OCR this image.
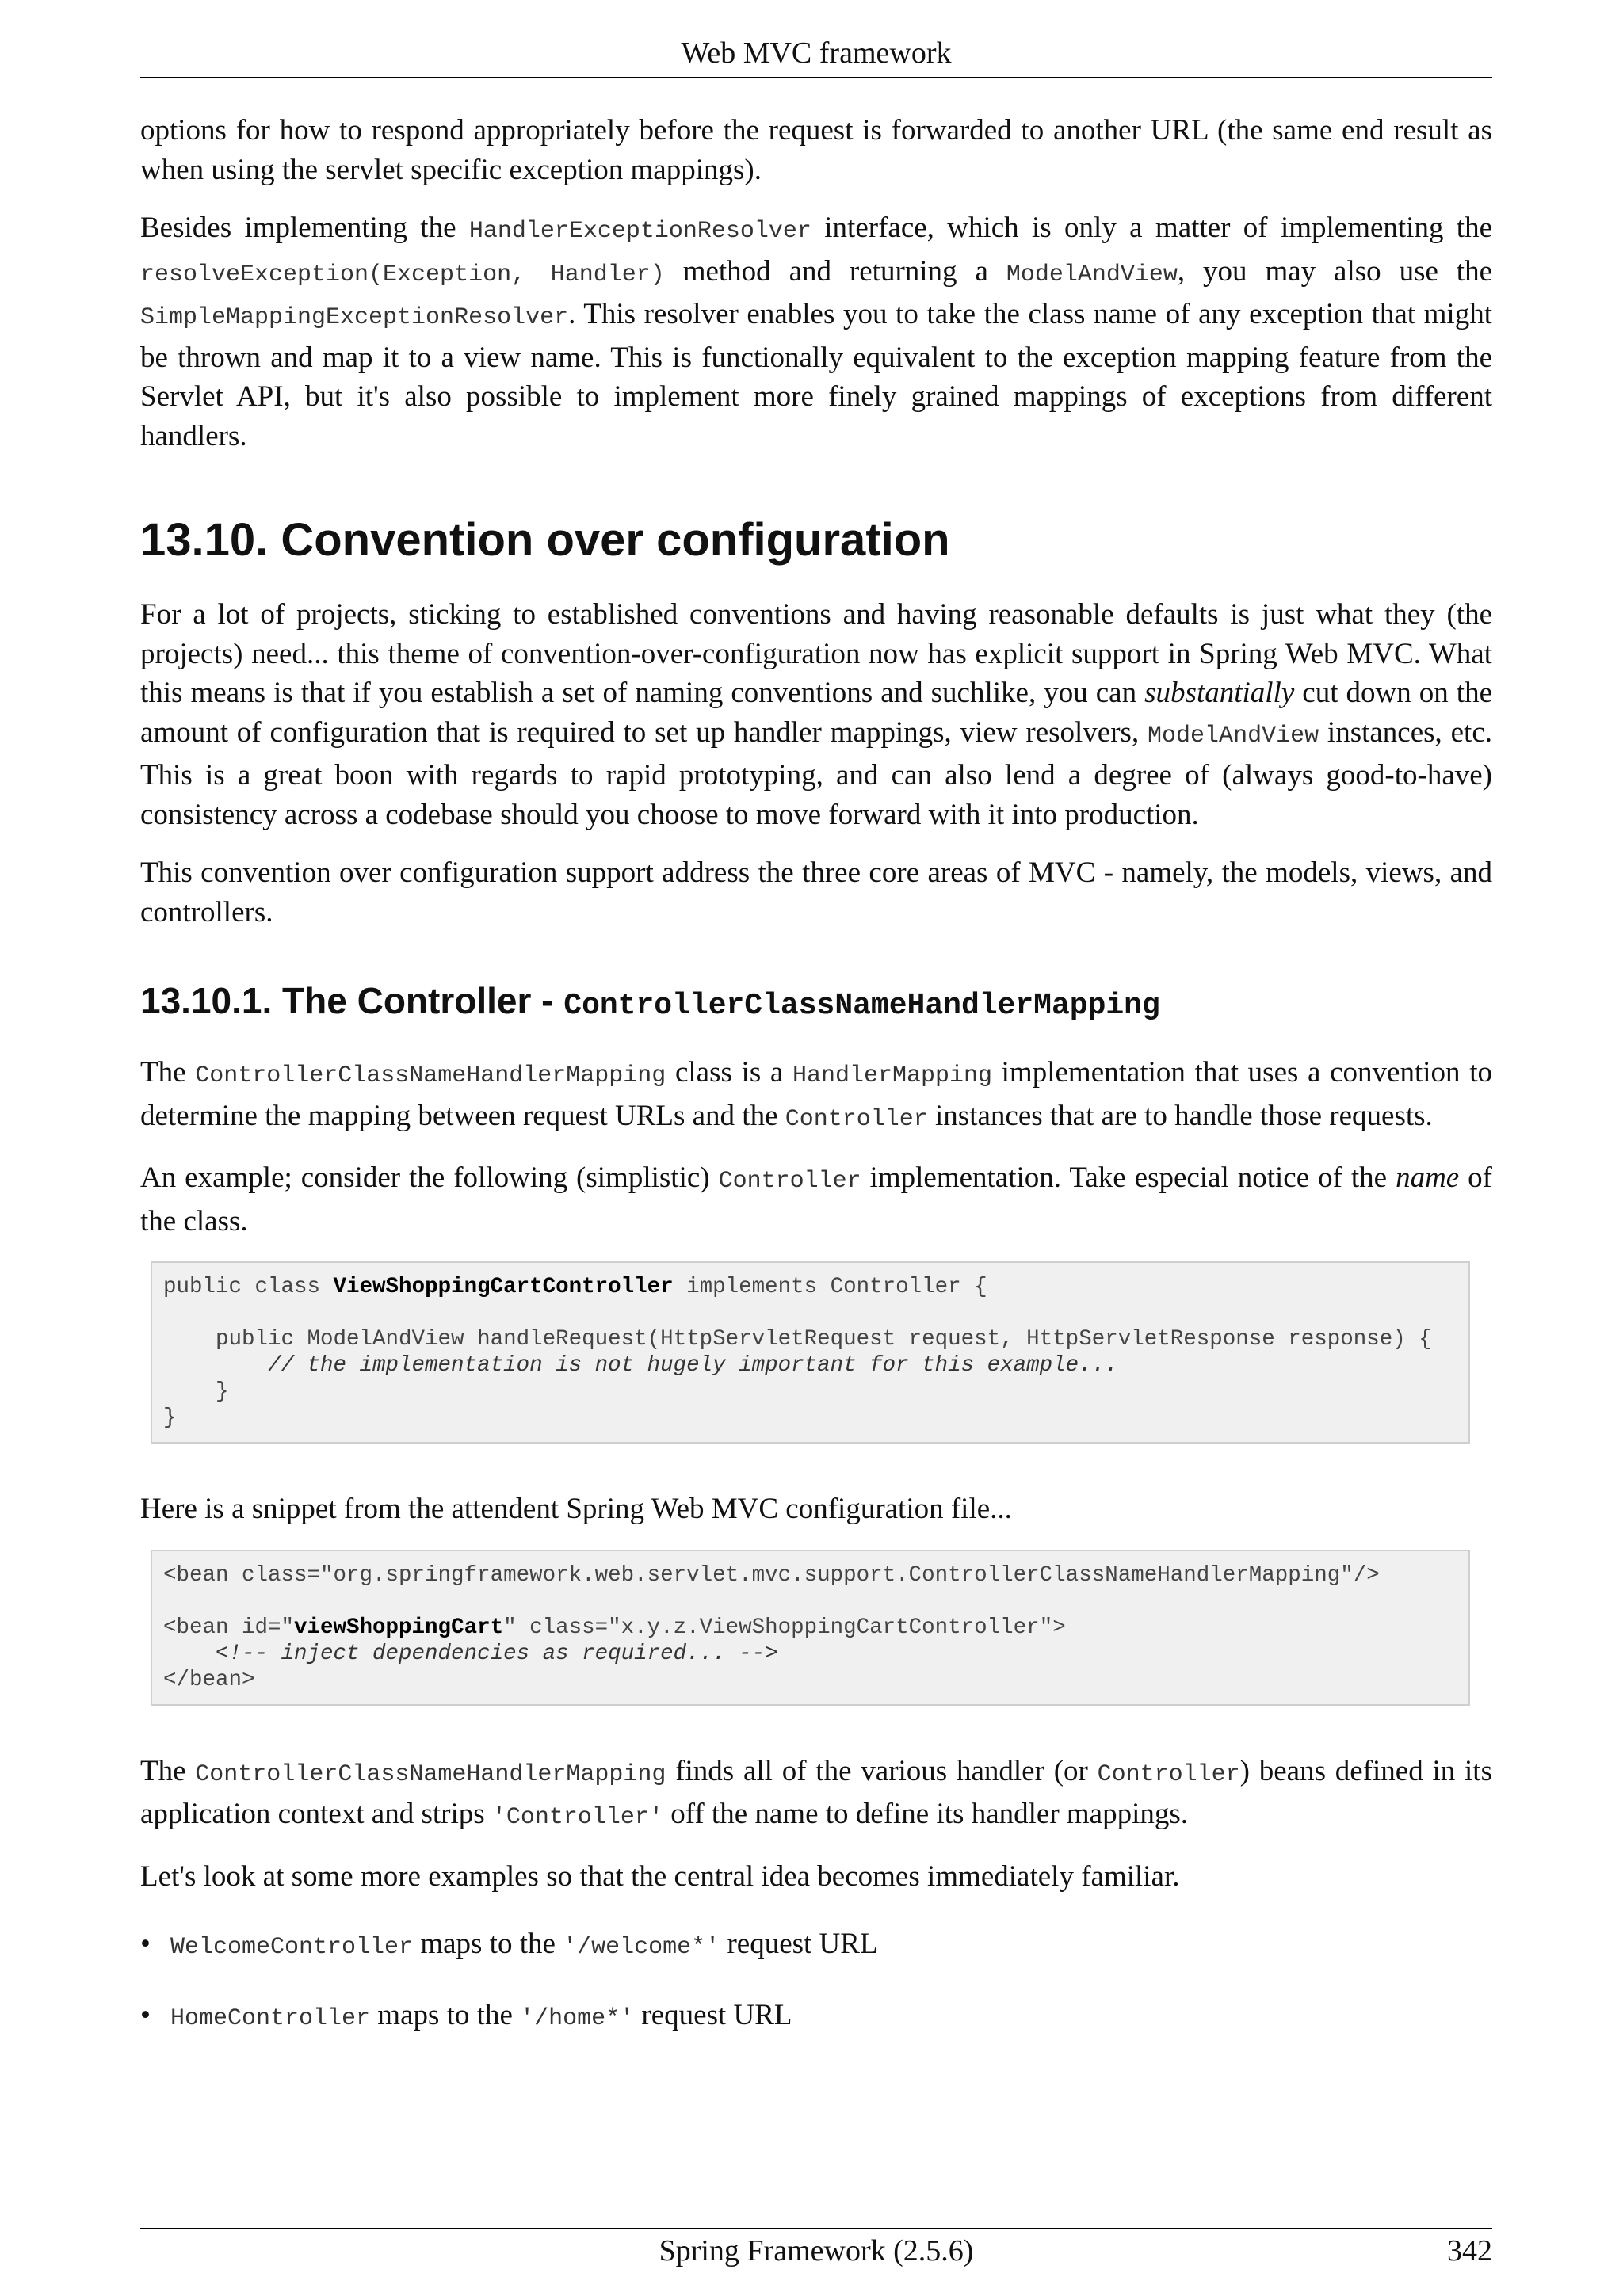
Web MVC framework

options for how to respond appropriately before the request is forwarded to another URL (the same end result as when using the servlet specific exception mappings).

Besides implementing the HandlerExceptionResolver interface, which is only a matter of implementing the resolveException(Exception, Handler) method and returning a ModelAndView, you may also use the SimpleMappingExceptionResolver. This resolver enables you to take the class name of any exception that might be thrown and map it to a view name. This is functionally equivalent to the exception mapping feature from the Servlet API, but it's also possible to implement more finely grained mappings of exceptions from different handlers.

13.10. Convention over configuration

For a lot of projects, sticking to established conventions and having reasonable defaults is just what they (the projects) need... this theme of convention-over-configuration now has explicit support in Spring Web MVC. What this means is that if you establish a set of naming conventions and suchlike, you can substantially cut down on the amount of configuration that is required to set up handler mappings, view resolvers, ModelAndView instances, etc. This is a great boon with regards to rapid prototyping, and can also lend a degree of (always good-to-have) consistency across a codebase should you choose to move forward with it into production.

This convention over configuration support address the three core areas of MVC - namely, the models, views, and controllers.

13.10.1. The Controller - ControllerClassNameHandlerMapping

The ControllerClassNameHandlerMapping class is a HandlerMapping implementation that uses a convention to determine the mapping between request URLs and the Controller instances that are to handle those requests.

An example; consider the following (simplistic) Controller implementation. Take especial notice of the name of the class.

public class ViewShoppingCartController implements Controller {

public ModelAndView handleRequest(HttpServletRequest request, HttpServletResponse response) {
// the implementation is not hugely important for this example...
}
}

Here is a snippet from the attendent Spring Web MVC configuration file...

<bean class="org.springframework.web.servlet.mvc.support.ControllerClassNameHandlerMapping"/>

<bean id="viewShoppingCart" class="x.y.z.ViewShoppingCartController">
<!-- inject dependencies as required... -->
</bean>

The ControllerClassNameHandlerMapping finds all of the various handler (or Controller) beans defined in its application context and strips 'Controller' off the name to define its handler mappings.

Let's look at some more examples so that the central idea becomes immediately familiar.

• WelcomeController maps to the '/welcome*' request URL
• HomeController maps to the '/home*' request URL
Spring Framework (2.5.6)	342
